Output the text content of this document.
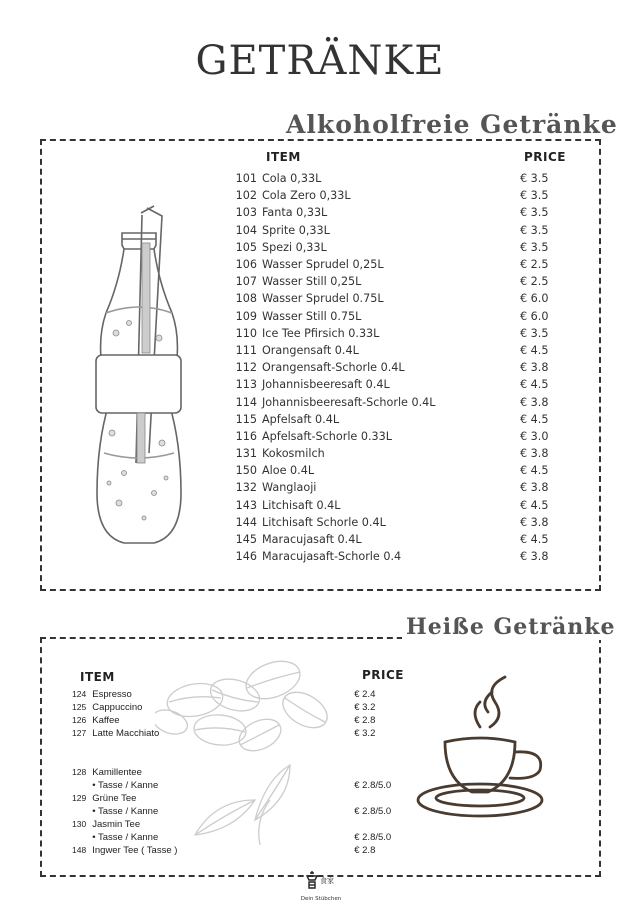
GETRÄNKE
Alkoholfreie Getränke
ITEM	PRICE
101 Cola 0,33L	€ 3.5
102 Cola Zero 0,33L	€ 3.5
103 Fanta 0,33L	€ 3.5
104 Sprite 0,33L	€ 3.5
105 Spezi 0,33L	€ 3.5
106 Wasser Sprudel 0,25L	€ 2.5
107 Wasser Still 0,25L	€ 2.5
108 Wasser Sprudel 0.75L	€ 6.0
109 Wasser Still 0.75L	€ 6.0
110 Ice Tee Pfirsich 0.33L	€ 3.5
111 Orangensaft 0.4L	€ 4.5
112 Orangensaft-Schorle 0.4L	€ 3.8
113 Johannisbeeresaft 0.4L	€ 4.5
114 Johannisbeeresaft-Schorle 0.4L	€ 3.8
115 Apfelsaft 0.4L	€ 4.5
116 Apfelsaft-Schorle 0.33L	€ 3.0
131 Kokosmilch	€ 3.8
150 Aloe 0.4L	€ 4.5
132 Wanglaoji	€ 3.8
143 Litchisaft 0.4L	€ 4.5
144 Litchisaft Schorle 0.4L	€ 3.8
145 Maracujasaft 0.4L	€ 4.5
146 Maracujasaft-Schorle 0.4	€ 3.8
Heiße Getränke
ITEM	PRICE
124 Espresso	€ 2.4
125 Cappuccino	€ 3.2
126 Kaffee	€ 2.8
127 Latte Macchiato	€ 3.2
128 Kamillentee
• Tasse / Kanne	€ 2.8/5.0
129 Grüne Tee
• Tasse / Kanne	€ 2.8/5.0
130 Jasmin Tee
• Tasse / Kanne	€ 2.8/5.0
148 Ingwer Tee ( Tasse )	€ 2.8
食家
Dein Stübchen
